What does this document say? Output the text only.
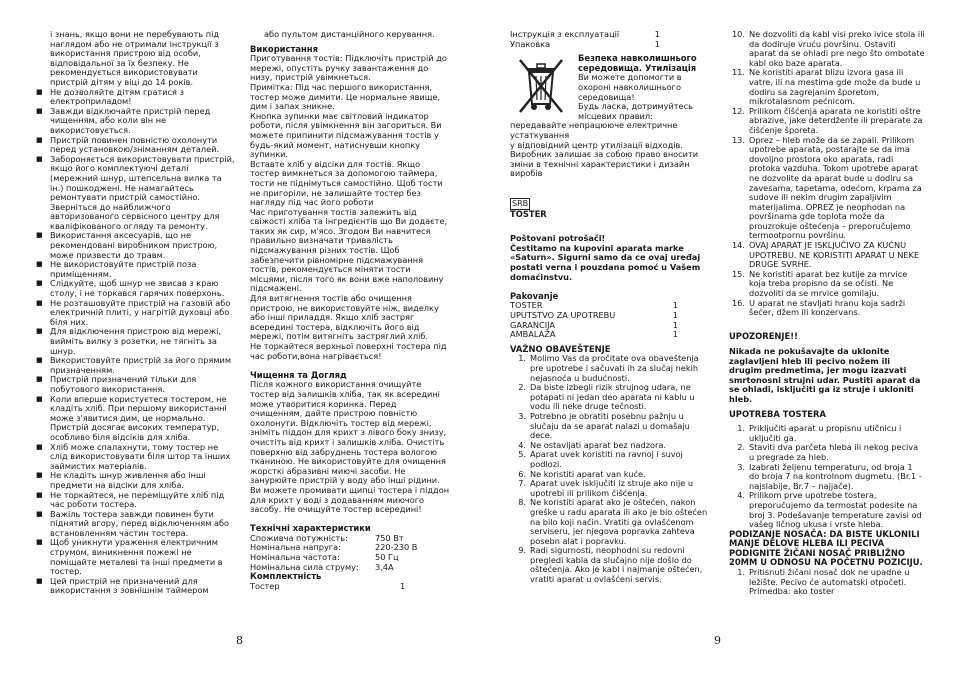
і знань, якщо вони не перебувають під наглядом або не отримали інструкції з використання пристрою від особи, відповідальної за їх безпеку. Не рекомендується використовувати пристрій дітям у віці до 14 років.
■ Не дозволяйте дітям гратися з електроприладом!
■ Завжди відключайте пристрій перед чищенням, або коли він не використовується.
■ Пристрій повинен повністю охолонути перед установкою/зніманням деталей.
■ Забороняється використовувати пристрій, якщо його комплектуючі деталі (мережний шнур, штепсельна вилка та ін.) пошкоджені. Не намагайтесь ремонтувати пристрій самостійно. Зверніться до найближчого авторизованого сервісного центру для кваліфікованого огляду та ремонту.
■ Використання аксесуарів, що не рекомендовані виробником пристрою, може призвести до травм.
■ Не використовуйте пристрій поза приміщенням.
■ Слідкуйте, щоб шнур не звисав з краю столу, і не торкався гарячих поверхонь.
■ Не розташовуйте пристрій на газовій або електричній плиті, у нагрітій духовці або біля них.
■ Для відключення пристрою від мережі, вийміть вилку з розетки, не тягніть за шнур.
■ Використовуйте пристрій за його прямим призначенням.
■ Пристрій призначений тільки для побутового використання.
■ Коли вперше користуєтеся тостером, не кладіть хліб. При першому використанні може з'явитися дим, це нормально. Пристрій досягає високих температур, особливо біля відсіків для хліба.
■ Хліб може спалахнути, тому тостер не слід використовувати біля штор та інших займистих матеріалів.
■ Не кладіть шнур живлення або інші предмети на відсіки для хліба.
■ Не торкайтеся, не переміщуйте хліб під час роботи тостера.
■ Важіль тостера завжди повинен бути піднятий вгору, перед відключенням або встановленням частин тостера.
■ Щоб уникнути ураження електричним струмом, виникнення пожежі не поміщайте металеві та інші предмети в тостер.
■ Цей пристрій не призначений для використання з зовнішнім таймером

або пультом дистанційного керування.

Використання

Приготування тостів: Підключіть пристрій до мережі, опустіть ручку завантаження до низу, пристрій увімкнеться.

Примітка: Під час першого використання, тостер може димити. Це нормальне явище, дим і запах зникне.

Кнопка зупинки має світловий індикатор роботи, після увімкнення він загориться. Ви можете припинити підсмажування тостів у будь-який момент, натиснувши кнопку зупинки.

Вставте хліб у відсіки для тостів. Якщо тостер вимкнеться за допомогою таймера, тости не піднімуться самостійно. Щоб тости не пригоріли, не залишайте тостер без нагляду під час його роботи

Час приготування тостів залежить від свіжості хліба та інгредієнтів що Ви додаєте, таких як сир, м'ясо. Згодом Ви навчитеся правильно визначати тривалість підсмажування різних тостів. Щоб забезпечити рівномірне підсмажування тостів, рекомендується міняти тости місцями, після того як вони вже наполовину підсмажені.

Для витягнення тостів або очищення пристрою, не використовуйте ніж, виделку або інші приладдя. Якщо хліб застряг всередині тостера, відключіть його від мережі, потім витягніть застряглий хліб.

Не торкайтеся верхньої поверхні тостера під час роботи,вона нагрівається!

Чищення та Догляд

Після кожного використання очищуйте тостер від залишків хліба, так як всередині може утворитися коринка. Перед очищенням, дайте пристрою повністю охолонути. Відключіть тостер від мережі, зніміть піддон для крихт з лівого боку знизу, очистіть від крихт і залишків хліба. Очистіть поверхню від забруднень тостера вологою тканиною. Не використовуйте для очищення жорсткі абразивні миючі засоби. Не занурюйте пристрій у воду або інші рідини. Ви можете промивати щипці тостера і піддон для крихт у воді з додаванням миючого засобу. Не очищуйте тостер всередині!

Технічні характеристики
Споживча потужність:	750 Вт
Номінальна напруга:	220-230 В
Номінальна частота:	50 Гц
Номінальна сила струму:	3,4А
Комплектність
Тостер	1
8
Інструкція з експлуатації	1
Упаковка	1
Безпека навколишнього середовища. Утилізація

Ви можете допомогти в охороні навколишнього середовища!

Будь ласка, дотримуйтесь місцевих правил: передавайте непрацююче електричне устаткування

у відповідний центр утилізації відходів. Виробник залишає за собою право вносити зміни в технічні характеристики і дизайн виробів

SRB
TOSTER

Poštovani potrošači!

Čestitamo na kupovini aparata marke «Saturn». Sigurni samo da ce ovaj uređaj postati verna i pouzdana pomoć u Vašem domaćinstvu.

Pakovanje
TOSTER	1
UPUTSTVO ZA UPOTREBU	1
GARANCIJA	1
AMBALAŽA	1
VAŽNO OBAVEŠTENJE
1. Molimo Vas da pročitate ova obaveštenja pre upotrebe i sačuvati ih za slučaj nekih nejasnoća u budućnosti.
2. Da biste izbegli rizik strujnog udara, ne potapati ni jedan deo aparata ni kablu u vodu ili neke druge tečnosti.
3. Potrebno je obratiti posebnu pažnju u slučaju da se aparat nalazi u domašaju dece.
4. Ne ostavljati aparat bez nadzora.
5. Aparat uvek koristiti na ravnoj i suvoj podlozi.
6. Ne koristiti aparat van kuće.
7. Aparat uvek isključiti iz struje ako nije u upotrebi ili prilikom čišćenja.
8. Ne koristiti aparat ako je oštećen, nakon greške u radu aparata ili ako je bio oštećen na bilo koji način. Vratiti ga ovlašćenom serviseru, jer njegova popravka zahteva posebn alat i popravku.
9. Radi sigurnosti, neophodni su redovni pregledi kabla da slučajno nije došlo do oštećenja. Ako je kabl i najmanje oštećen, vratiti aparat u ovlašćeni servis.
10. Ne dozvoliti da kabl visi preko ivice stola ili da dodiruje vruću površinu. Ostaviti aparat da se ohladi pre nego što ombotate kabl oko baze aparata.
11. Ne koristiti aparat blizu izvora gasa ili vatre, ili na mestima gde može da bude u dodiru sa zagrejanim šporetom, mikrotalasnom pećnicom.
12. Prilikom čišćenja aparata ne koristiti oštre abrazive, jake deterdžente ili preparate za čišćenje šporeta.
13. Oprez – hleb može da se zapali. Prilikom upotrebe aparata, postarajte se da ima dovoljno prostora oko aparata, radi protoka vazduha. Tokom upotrebe aparat ne dozvolite da aparat bude u dodiru sa zavesama, tapetama, odećom, krpama za sudove ili nekim drugim zapaljivim materijalima. OPREZ je neophodan na površinama gde toplota može da prouzrokuje oštećenja – preporučujemo termootpornu površinu.
14. OVAJ APARAT JE ISKLJUČIVO ZA KUĆNU UPOTREBU. NE KORISTITI APARAT U NEKE DRUGE SVRHE.
15. Ne koristiti aparat bez kutije za mrvice koja treba propisno da se očisti. Ne dozvoliti da se mrvice gomilaju.
16. U aparat ne stavljati hranu koja sadrži šećer, džem ili konzervans.
UPOZORENJE!!

Nikada ne pokušavajte da uklonite zaglavljeni hleb ili pecivo nožem ili drugim predmetima, jer mogu izazvati smrtonosni strujni udar. Pustiti aparat da se ohladi, isključiti ga iz struje i ukloniti hleb.

UPOTREBA TOSTERA
1. Priključiti aparat u propisnu utičnicu i uključiti ga.
2. Staviti dva parčeta hleba ili nekog peciva u pregrade za hleb.
3. Izabrati željenu temperaturu, od broja 1 do broja 7 na kontrolnom dugmetu. (Br.1 - najslabije, Br.7 – najjače).
4. Prilikom prve upotrebe tostera, preporučujemo da termostat podesite na broj 3. Podešavanje temperature zavisi od vašeg ličnog ukusa i vrste hleba.
PODIZANJE NOSAČA: DA BISTE UKLONILI MANJE DELOVE HLEBA ILI PECIVA PODIGNITE ŽIČANI NOSAČ PRIBLIŽNO 20MM U ODNOSU NA POČETNU POZICIJU.
1. Pritisnuti žičani nosač dok ne upadne u ležište. Pecivo će automatski otpočeti. Primedba: ako toster
9
